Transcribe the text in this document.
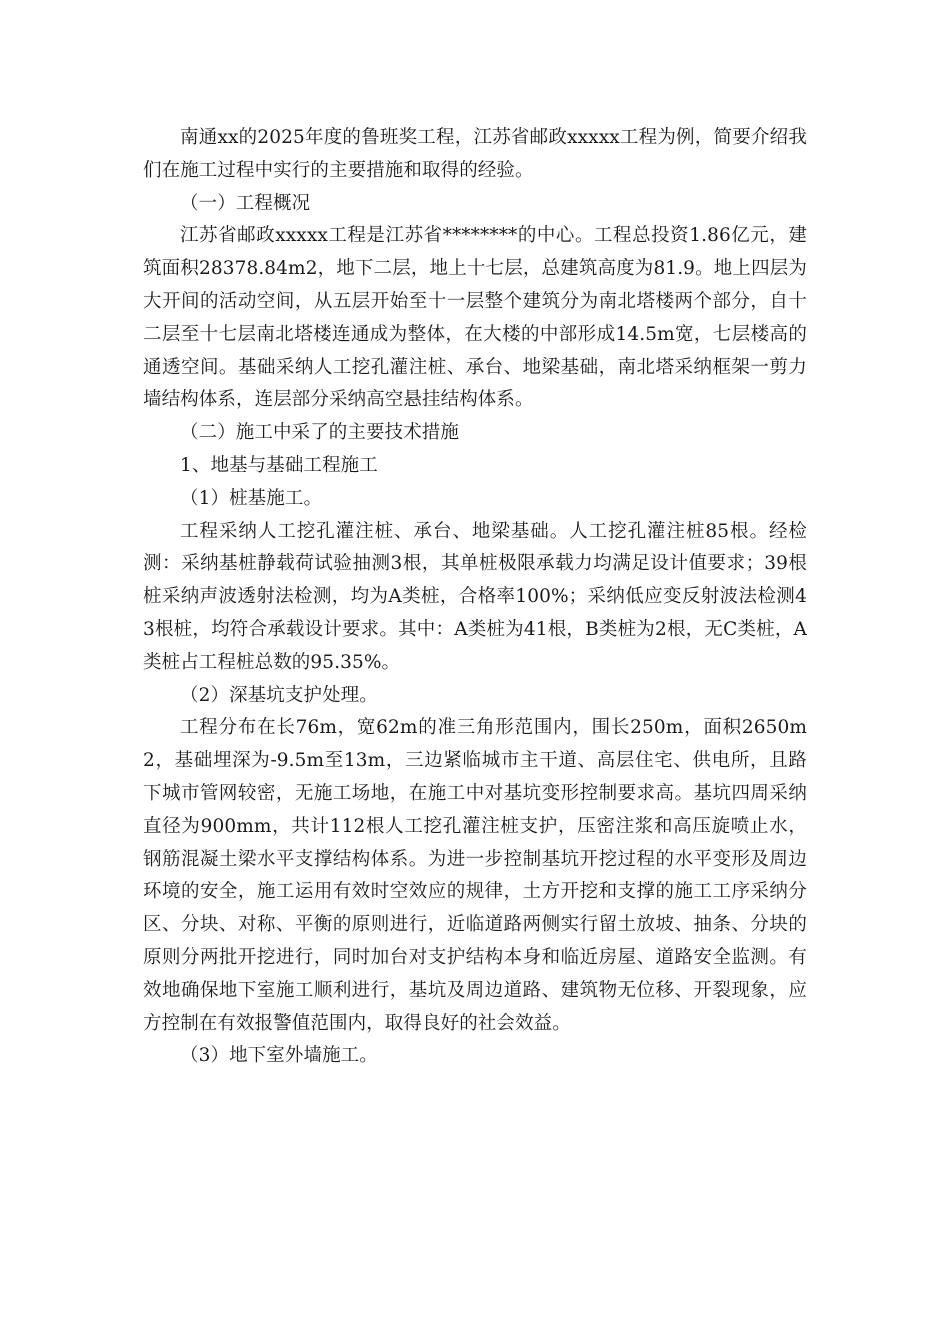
南通xx的2025年度的鲁班奖工程，江苏省邮政xxxxx工程为例，简要介绍我们在施工过程中实行的主要措施和取得的经验。

（一）工程概况

江苏省邮政xxxxx工程是江苏省********的中心。工程总投资1.86亿元，建筑面积28378.84m2，地下二层，地上十七层，总建筑高度为81.9。地上四层为大开间的活动空间，从五层开始至十一层整个建筑分为南北塔楼两个部分，自十二层至十七层南北塔楼连通成为整体，在大楼的中部形成14.5m宽，七层楼高的通透空间。基础采纳人工挖孔灌注桩、承台、地梁基础，南北塔采纳框架一剪力墙结构体系，连层部分采纳高空悬挂结构体系。

（二）施工中采了的主要技术措施

1、地基与基础工程施工

（1）桩基施工。

工程采纳人工挖孔灌注桩、承台、地梁基础。人工挖孔灌注桩85根。经检测：采纳基桩静载荷试验抽测3根，其单桩极限承载力均满足设计值要求；39根桩采纳声波透射法检测，均为A类桩，合格率100%；采纳低应变反射波法检测43根桩，均符合承载设计要求。其中：A类桩为41根，B类桩为2根，无C类桩，A类桩占工程桩总数的95.35%。

（2）深基坑支护处理。

工程分布在长76m，宽62m的准三角形范围内，围长250m，面积2650m2，基础埋深为-9.5m至13m，三边紧临城市主干道、高层住宅、供电所，且路下城市管网较密，无施工场地，在施工中对基坑变形控制要求高。基坑四周采纳直径为900mm，共计112根人工挖孔灌注桩支护，压密注浆和高压旋喷止水，钢筋混凝土梁水平支撑结构体系。为进一步控制基坑开挖过程的水平变形及周边环境的安全，施工运用有效时空效应的规律，土方开挖和支撑的施工工序采纳分区、分块、对称、平衡的原则进行，近临道路两侧实行留土放坡、抽条、分块的原则分两批开挖进行，同时加台对支护结构本身和临近房屋、道路安全监测。有效地确保地下室施工顺利进行，基坑及周边道路、建筑物无位移、开裂现象，应方控制在有效报警值范围内，取得良好的社会效益。

（3）地下室外墙施工。
